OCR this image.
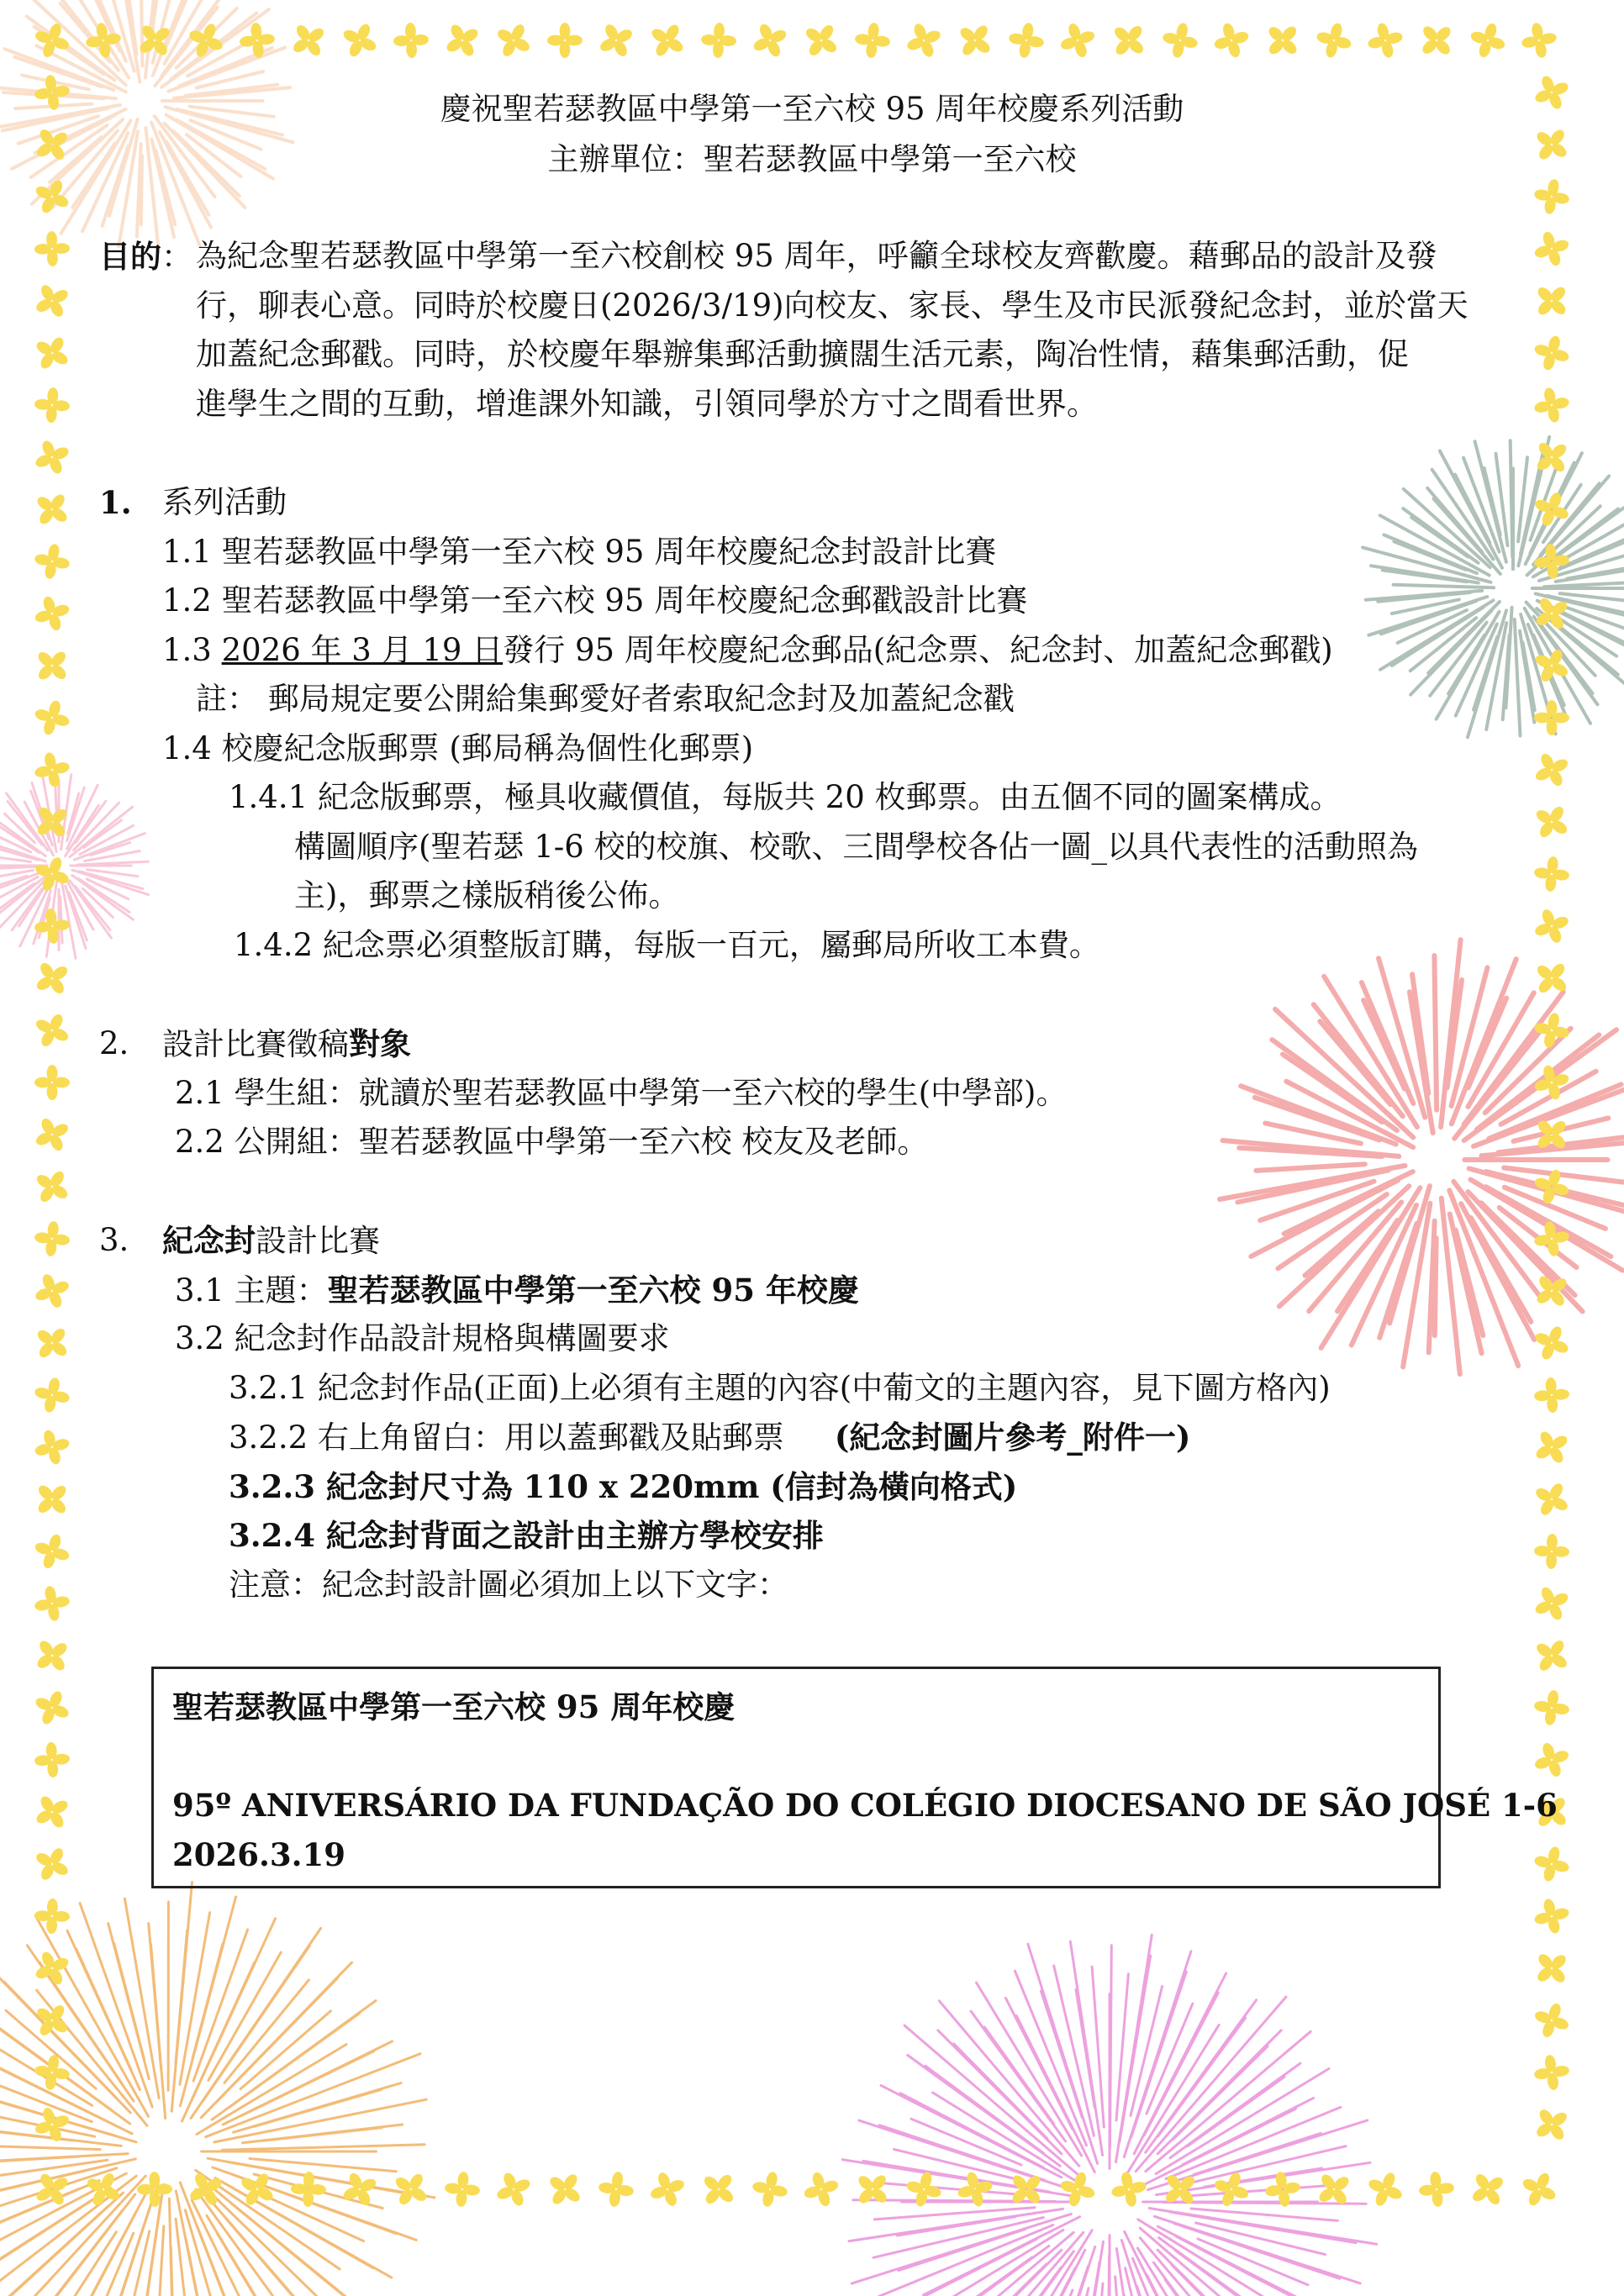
慶祝聖若瑟教區中學第一至六校 95 周年校慶系列活動
主辦單位：聖若瑟教區中學第一至六校
目的： 為紀念聖若瑟教區中學第一至六校創校 95 周年，呼籲全球校友齊歡慶。藉郵品的設計及發
行，聊表心意。同時於校慶日(2026/3/19)向校友、家長、學生及市民派發紀念封，並於當天
加蓋紀念郵戳。同時，於校慶年舉辦集郵活動擴闊生活元素，陶冶性情，藉集郵活動，促
進學生之間的互動，增進課外知識，引領同學於方寸之間看世界。
1. 系列活動
1.1 聖若瑟教區中學第一至六校 95 周年校慶紀念封設計比賽
1.2 聖若瑟教區中學第一至六校 95 周年校慶紀念郵戳設計比賽
1.3 2026 年 3 月 19 日發行 95 周年校慶紀念郵品(紀念票、紀念封、加蓋紀念郵戳)
註： 郵局規定要公開給集郵愛好者索取紀念封及加蓋紀念戳
1.4 校慶紀念版郵票 (郵局稱為個性化郵票)
1.4.1 紀念版郵票，極具收藏價值，每版共 20 枚郵票。由五個不同的圖案構成。
構圖順序(聖若瑟 1-6 校的校旗、校歌、三間學校各佔一圖_以具代表性的活動照為
主)，郵票之樣版稍後公佈。
1.4.2 紀念票必須整版訂購，每版一百元，屬郵局所收工本費。
2. 設計比賽徵稿對象
2.1 學生組：就讀於聖若瑟教區中學第一至六校的學生(中學部)。
2.2 公開組：聖若瑟教區中學第一至六校 校友及老師。
3. 紀念封設計比賽
3.1 主題：聖若瑟教區中學第一至六校 95 年校慶
3.2 紀念封作品設計規格與構圖要求
3.2.1 紀念封作品(正面)上必須有主題的內容(中葡文的主題內容，見下圖方格內)
3.2.2 右上角留白：用以蓋郵戳及貼郵票 (紀念封圖片參考_附件一)
3.2.3 紀念封尺寸為 110 x 220mm (信封為橫向格式)
3.2.4 紀念封背面之設計由主辦方學校安排
注意：紀念封設計圖必須加上以下文字：
聖若瑟教區中學第一至六校 95 周年校慶
95º ANIVERSÁRIO DA FUNDAÇÃO DO COLÉGIO DIOCESANO DE SÃO JOSÉ 1-6
2026.3.19
